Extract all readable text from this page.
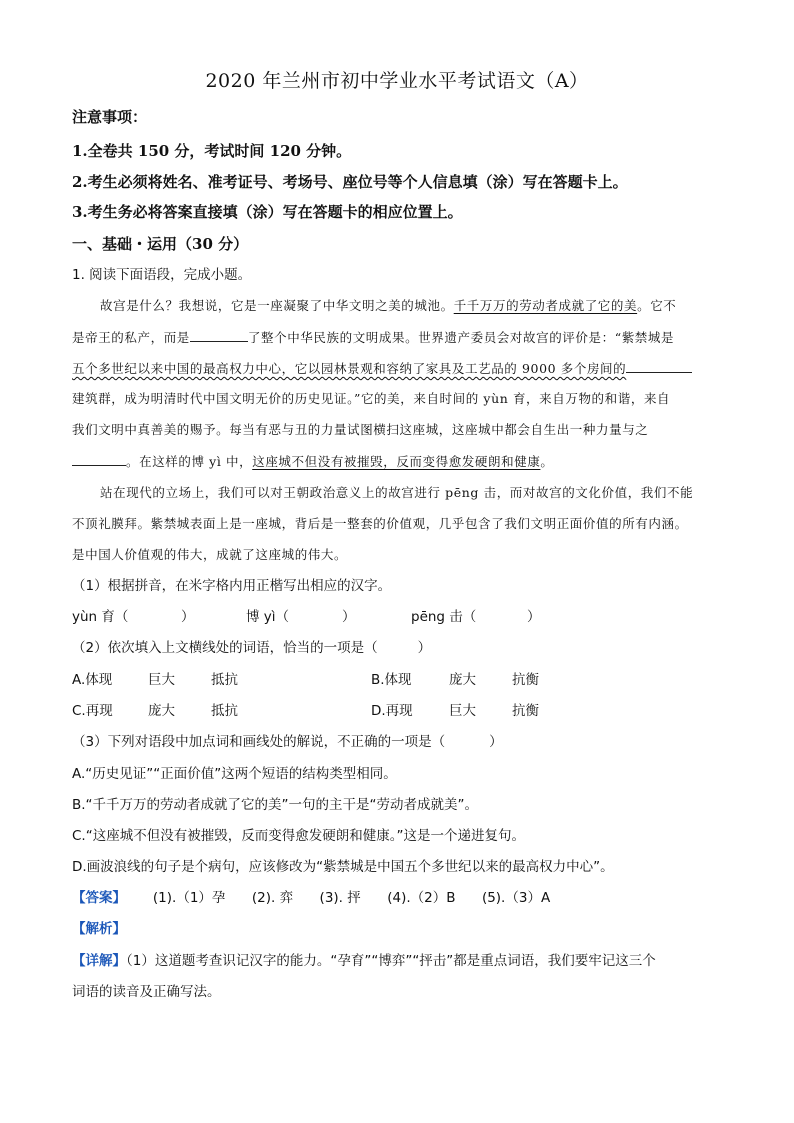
2020 年兰州市初中学业水平考试语文（A）
注意事项：
1.全卷共 150 分，考试时间 120 分钟。
2.考生必须将姓名、准考证号、考场号、座位号等个人信息填（涂）写在答题卡上。
3.考生务必将答案直接填（涂）写在答题卡的相应位置上。
一、基础・运用（30 分）
1. 阅读下面语段，完成小题。
故宫是什么？我想说，它是一座凝聚了中华文明之美的城池。千千万万的劳动者成就了它的美。它不
是帝王的私产，而是	了整个中华民族的文明成果。世界遗产委员会对故宫的评价是：“紫禁城是
五个多世纪以来中国的最高权力中心，它以园林景观和容纳了家具及工艺品的 9000 多个房间的
建筑群，成为明清时代中国文明无价的历史见证。”它的美，来自时间的 yùn 育，来自万物的和谐，来自
我们文明中真善美的赐予。每当有恶与丑的力量试图横扫这座城，这座城中都会自生出一种力量与之
。在这样的博 yì 中，这座城不但没有被摧毁，反而变得愈发硬朗和健康。
站在现代的立场上，我们可以对王朝政治意义上的故宫进行 pēng 击，而对故宫的文化价值，我们不能
不顶礼膜拜。紫禁城表面上是一座城，背后是一整套的价值观，几乎包含了我们文明正面价值的所有内涵。
是中国人价值观的伟大，成就了这座城的伟大。
（1）根据拼音，在米字格内用正楷写出相应的汉字。
yùn 育（	）	博 yì（	）	pēng 击（	）
（2）依次填入上文横线处的词语，恰当的一项是（	）
A.体现	巨大	抵抗	B.体现	庞大	抗衡
C.再现	庞大	抵抗	D.再现	巨大	抗衡
（3）下列对语段中加点词和画线处的解说，不正确的一项是（	）
A.“历史见证”“正面价值”这两个短语的结构类型相同。
B.“千千万万的劳动者成就了它的美”一句的主干是“劳动者成就美”。
C.“这座城不但没有被摧毁，反而变得愈发硬朗和健康。”这是一个递进复句。
D.画波浪线的句子是个病句，应该修改为“紫禁城是中国五个多世纪以来的最高权力中心”。
【答案】 (1).（1）孕 (2). 弈 (3). 抨 (4).（2）B (5).（3）A
【解析】
【详解】（1）这道题考查识记汉字的能力。“孕育”“博弈”“抨击”都是重点词语，我们要牢记这三个
词语的读音及正确写法。
